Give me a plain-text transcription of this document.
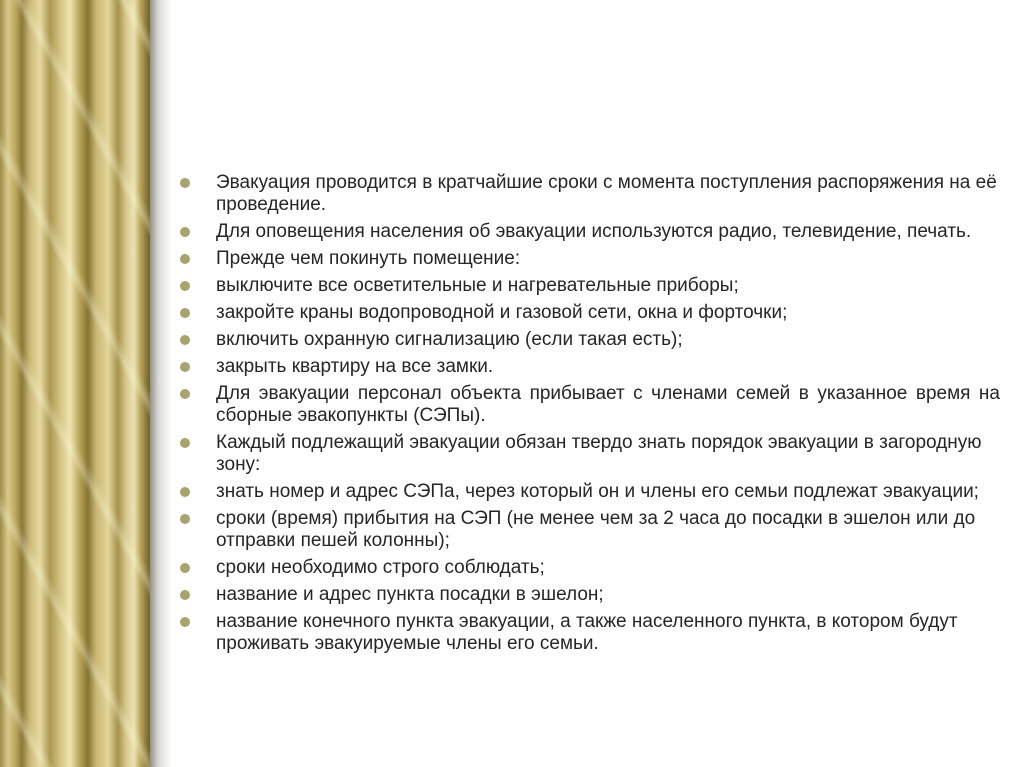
Эвакуация проводится в кратчайшие сроки с момента поступления распоряжения на её проведение.
Для оповещения населения об эвакуации используются радио, телевидение, печать.
Прежде чем покинуть помещение:
выключите все осветительные и нагревательные приборы;
закройте краны водопроводной и газовой сети, окна и форточки;
включить охранную сигнализацию (если такая есть);
закрыть квартиру на все замки.
Для эвакуации персонал объекта прибывает с членами семей в указанное время на сборные эвакопункты (СЭПы).
Каждый подлежащий эвакуации обязан твердо знать порядок эвакуации в загородную зону:
знать номер и адрес СЭПа, через который он и члены его семьи подлежат эвакуации;
сроки (время) прибытия на СЭП (не менее чем за 2 часа до посадки в эшелон или до отправки пешей колонны);
сроки необходимо строго соблюдать;
название и адрес пункта посадки в эшелон;
название конечного пункта эвакуации, а также населенного пункта, в котором будут проживать эвакуируемые члены его семьи.
